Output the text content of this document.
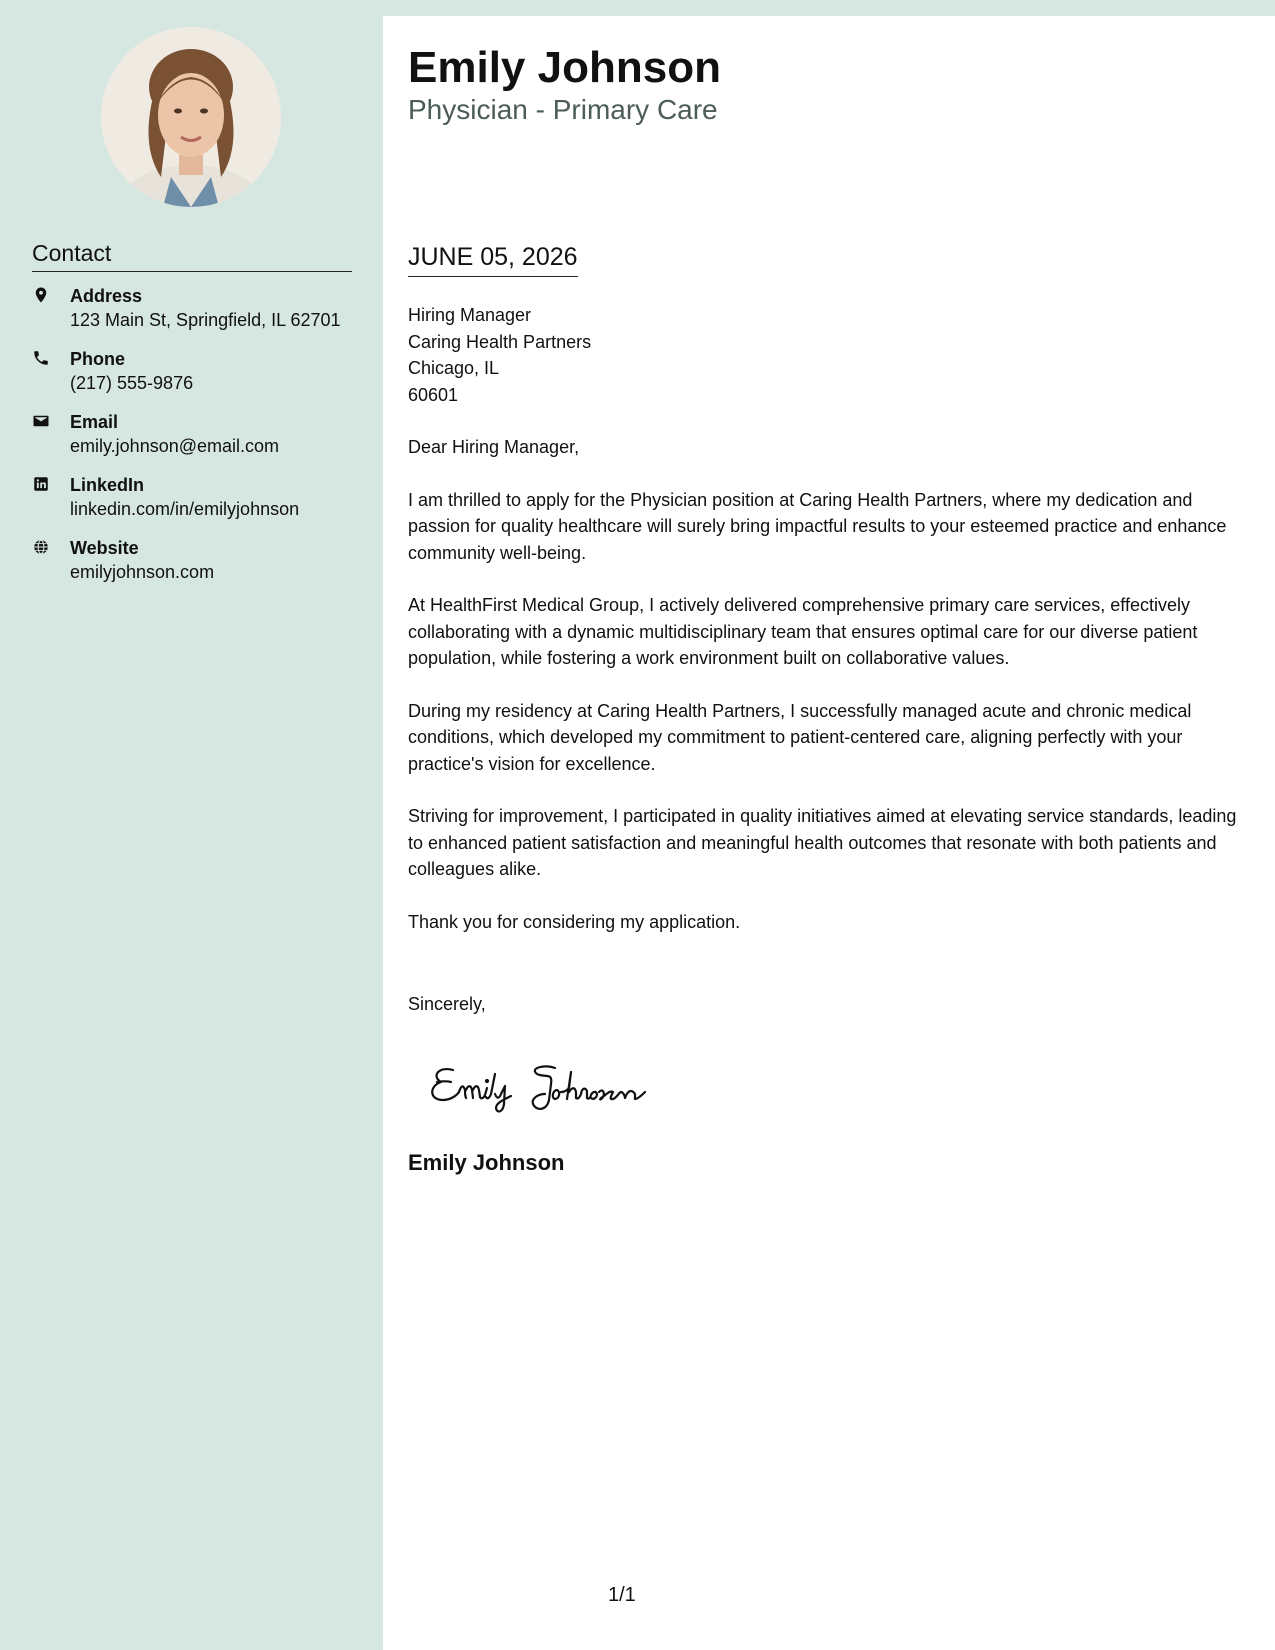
Contact
Address
123 Main St, Springfield, IL 62701
Phone
(217) 555-9876
Email
emily.johnson@email.com
LinkedIn
linkedin.com/in/emilyjohnson
Website
emilyjohnson.com
Emily Johnson
Physician - Primary Care
JUNE 05, 2026
Hiring Manager
Caring Health Partners
Chicago, IL
60601

Dear Hiring Manager,

I am thrilled to apply for the Physician position at Caring Health Partners, where my dedication and passion for quality healthcare will surely bring impactful results to your esteemed practice and enhance community well-being.

At HealthFirst Medical Group, I actively delivered comprehensive primary care services, effectively collaborating with a dynamic multidisciplinary team that ensures optimal care for our diverse patient population, while fostering a work environment built on collaborative values.

During my residency at Caring Health Partners, I successfully managed acute and chronic medical conditions, which developed my commitment to patient-centered care, aligning perfectly with your practice's vision for excellence.

Striving for improvement, I participated in quality initiatives aimed at elevating service standards, leading to enhanced patient satisfaction and meaningful health outcomes that resonate with both patients and colleagues alike.

Thank you for considering my application.

Sincerely,
Emily Johnson
1/1
